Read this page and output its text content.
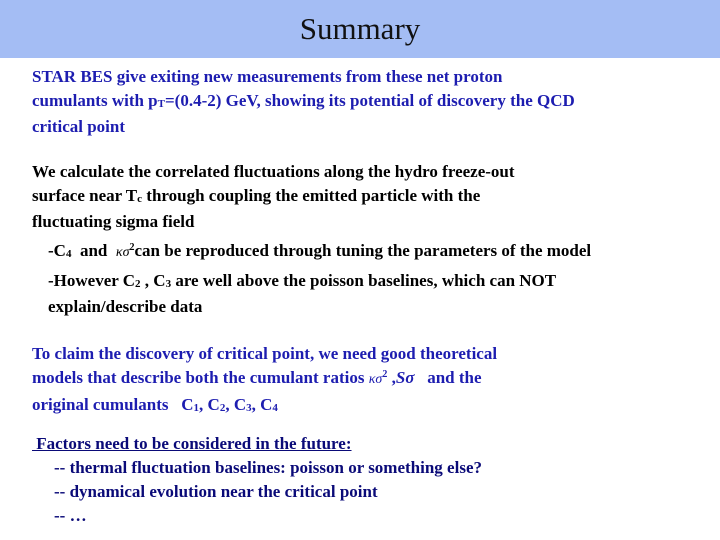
Summary
STAR BES give exiting new measurements from these net proton
cumulants with pT=(0.4-2) GeV, showing its potential of discovery the QCD
critical point
We calculate the correlated fluctuations along the hydro freeze-out
surface near Tc through coupling the emitted particle with the
fluctuating sigma field
-C4  and  $\kappa\sigma^2can$ be reproduced through tuning the parameters of the model
-However C2 , C3 are well above the poisson baselines, which can NOT
explain/describe data
To claim the discovery of critical point, we need good theoretical
models that describe both the cumulant ratios $\kappa\sigma^2$ ,Sσ   and the
original cumulants   C1, C2, C3, C4
Factors need to be considered in the future:
-- thermal fluctuation baselines: poisson or something else?
-- dynamical evolution near the critical point
-- …
